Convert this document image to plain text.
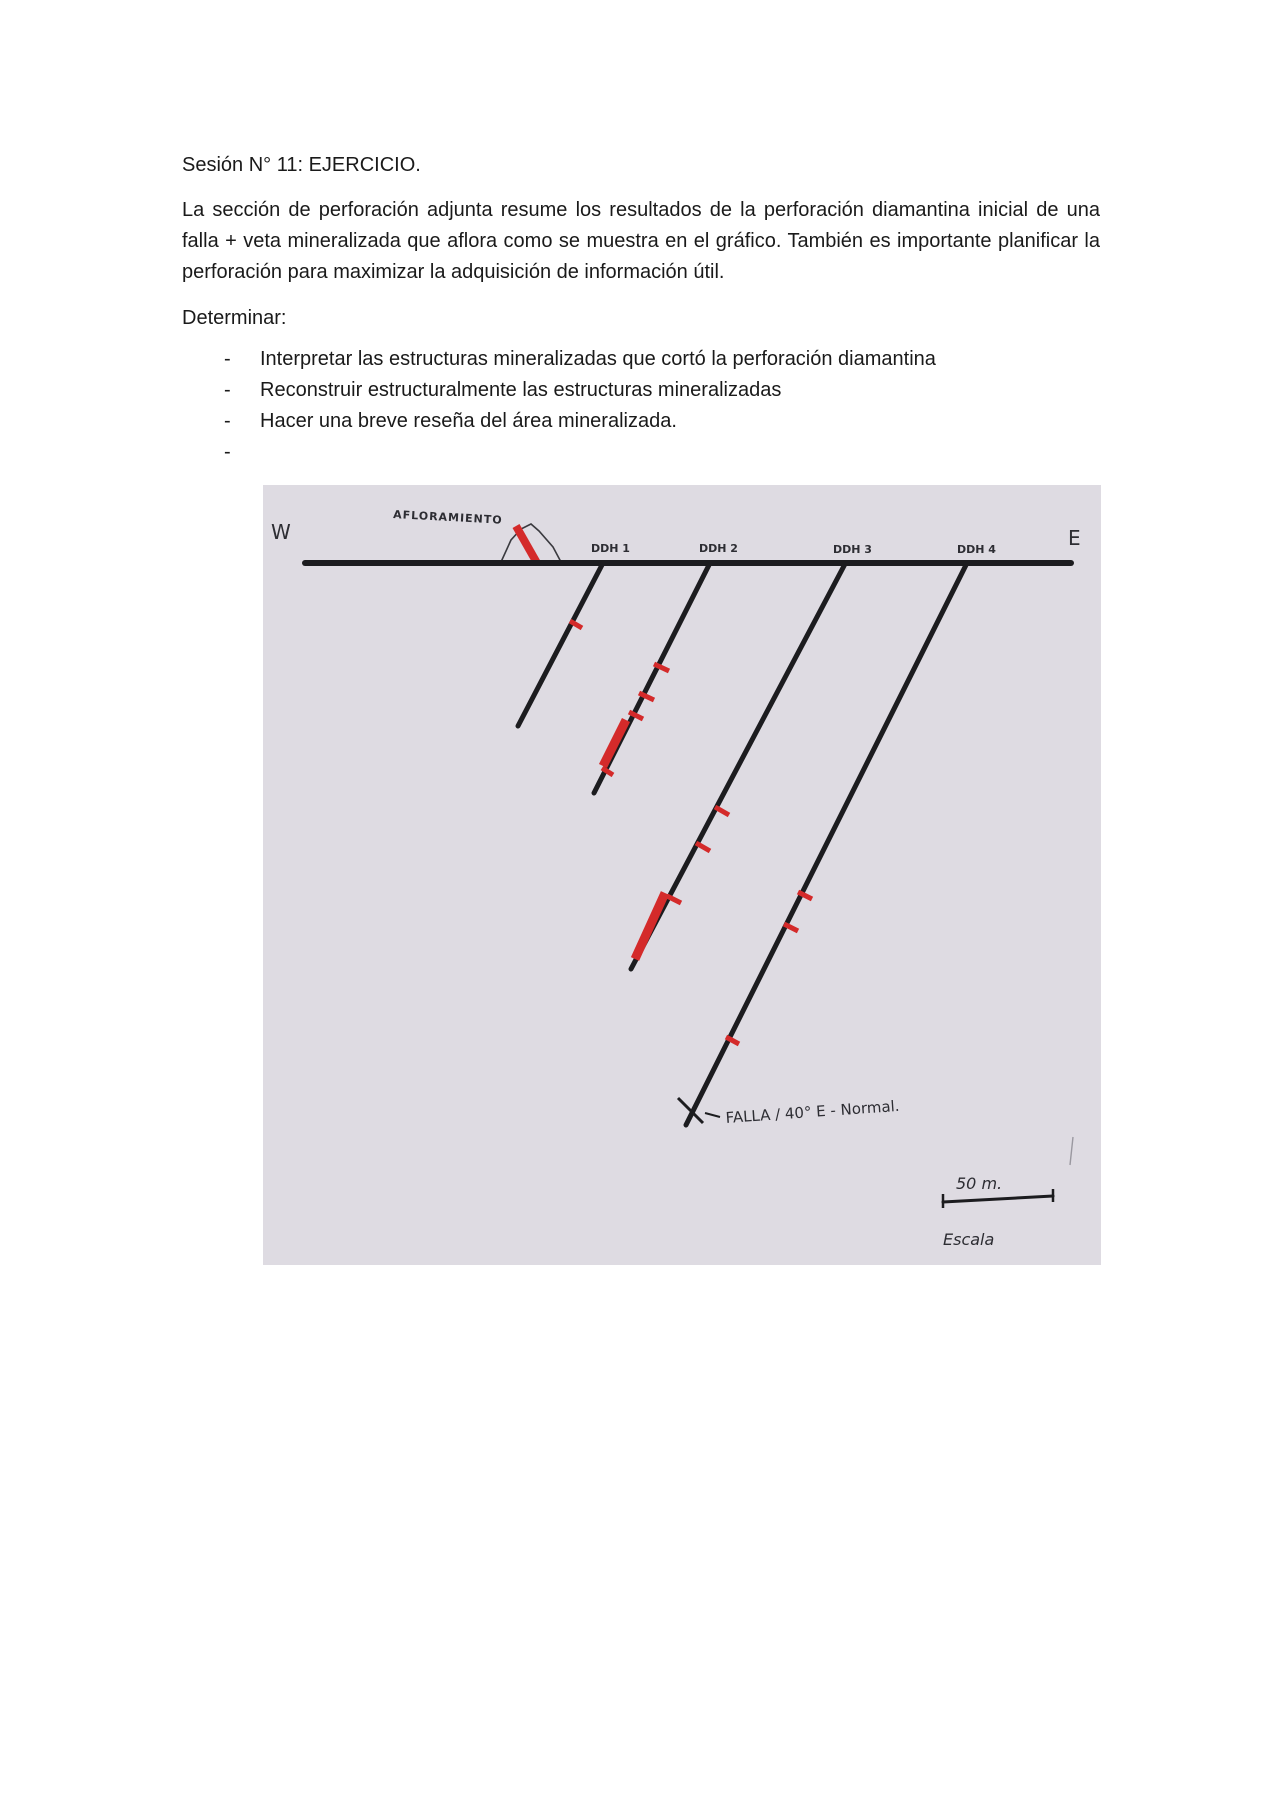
Sesión N° 11: EJERCICIO.

La sección de perforación adjunta resume los resultados de la perforación diamantina inicial de una falla + veta mineralizada que aflora como se muestra en el gráfico. También es importante planificar la perforación para maximizar la adquisición de información útil.

Determinar:

- Interpretar las estructuras mineralizadas que cortó la perforación diamantina
- Reconstruir estructuralmente las estructuras mineralizadas
- Hacer una breve reseña del área mineralizada.
-
W	E
AFLORAMIENTO
DDH 1	DDH 2	DDH 3	DDH 4
FALLA / 40° E - Normal.
50 m.
Escala
